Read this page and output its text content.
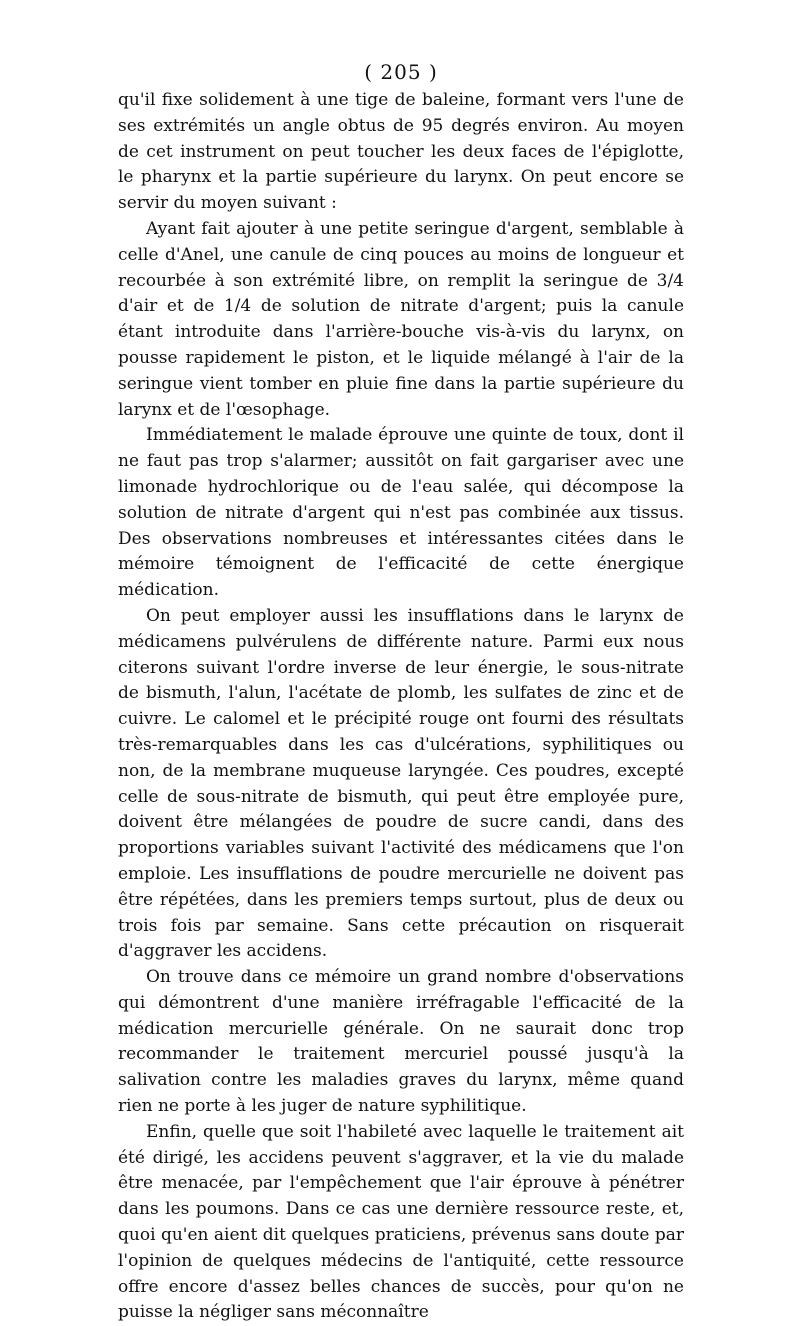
( 205 )

qu'il fixe solidement à une tige de baleine, formant vers l'une de ses extrémités un angle obtus de 95 degrés environ. Au moyen de cet instrument on peut toucher les deux faces de l'épiglotte, le pharynx et la partie supérieure du larynx. On peut encore se servir du moyen suivant :

Ayant fait ajouter à une petite seringue d'argent, semblable à celle d'Anel, une canule de cinq pouces au moins de longueur et recourbée à son extrémité libre, on remplit la seringue de 3/4 d'air et de 1/4 de solution de nitrate d'argent; puis la canule étant introduite dans l'arrière-bouche vis-à-vis du larynx, on pousse rapidement le piston, et le liquide mélangé à l'air de la seringue vient tomber en pluie fine dans la partie supérieure du larynx et de l'œsophage.

Immédiatement le malade éprouve une quinte de toux, dont il ne faut pas trop s'alarmer; aussitôt on fait gargariser avec une limonade hydrochlorique ou de l'eau salée, qui décompose la solution de nitrate d'argent qui n'est pas combinée aux tissus. Des observations nombreuses et intéressantes citées dans le mémoire témoignent de l'efficacité de cette énergique médication.

On peut employer aussi les insufflations dans le larynx de médicamens pulvérulens de différente nature. Parmi eux nous citerons suivant l'ordre inverse de leur énergie, le sous-nitrate de bismuth, l'alun, l'acétate de plomb, les sulfates de zinc et de cuivre. Le calomel et le précipité rouge ont fourni des résultats très-remarquables dans les cas d'ulcérations, syphilitiques ou non, de la membrane muqueuse laryngée. Ces poudres, excepté celle de sous-nitrate de bismuth, qui peut être employée pure, doivent être mélangées de poudre de sucre candi, dans des proportions variables suivant l'activité des médicamens que l'on emploie. Les insufflations de poudre mercurielle ne doivent pas être répétées, dans les premiers temps surtout, plus de deux ou trois fois par semaine. Sans cette précaution on risquerait d'aggraver les accidens.

On trouve dans ce mémoire un grand nombre d'observations qui démontrent d'une manière irréfragable l'efficacité de la médication mercurielle générale. On ne saurait donc trop recommander le traitement mercuriel poussé jusqu'à la salivation contre les maladies graves du larynx, même quand rien ne porte à les juger de nature syphilitique.

Enfin, quelle que soit l'habileté avec laquelle le traitement ait été dirigé, les accidens peuvent s'aggraver, et la vie du malade être menacée, par l'empêchement que l'air éprouve à pénétrer dans les poumons. Dans ce cas une dernière ressource reste, et, quoi qu'en aient dit quelques praticiens, prévenus sans doute par l'opinion de quelques médecins de l'antiquité, cette ressource offre encore d'assez belles chances de succès, pour qu'on ne puisse la négliger sans méconnaître
